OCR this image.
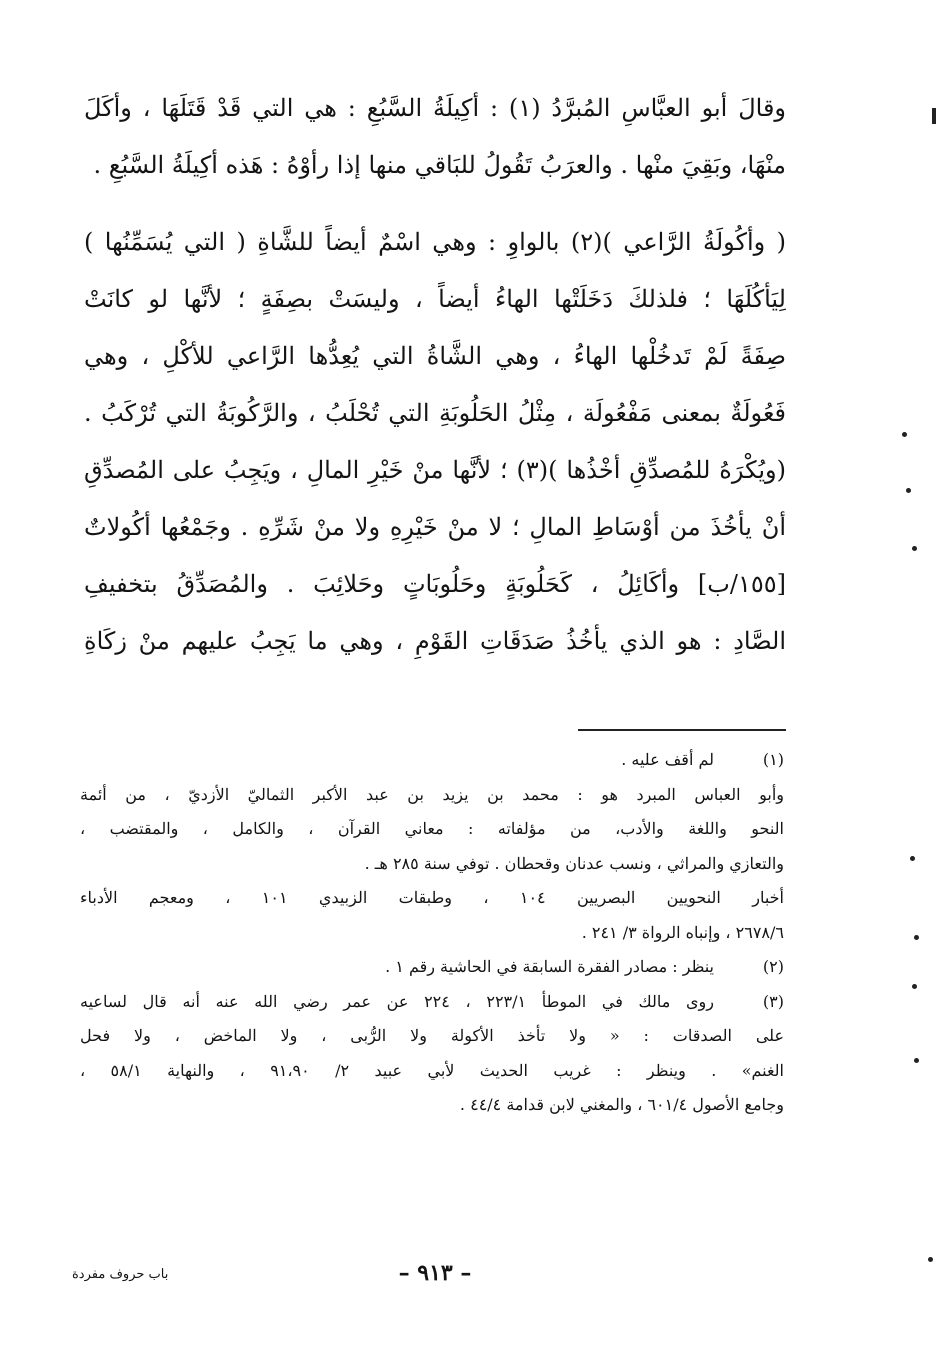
وقالَ أبو العبَّاسِ المُبرَّدُ (١) : أكِيلَةُ السَّبُعِ : هي التي قَدْ قَتَلَهَا ، وأكَلَ
منْهَا، وبَقِيَ منْها . والعرَبُ تَقُولُ للبَاقي منها إذا رأوْهُ : هَذه أكِيلَةُ السَّبُعِ .
( وأكُولَةُ الرَّاعي )(٢) بالواوِ : وهي اسْمٌ أيضاً للشَّاةِ ( التي يُسَمِّنُها )
لِيَأكُلَهَا ؛ فلذلكَ دَخَلَتْها الهاءُ أيضاً ، وليسَتْ بصِفَةٍ ؛ لأنَّها لو كانَتْ
صِفَةً لَمْ تَدخُلْها الهاءُ ، وهي الشَّاةُ التي يُعِدُّها الرَّاعي للأكْلِ ، وهي
فَعُولَةٌ بمعنى مَفْعُولَة ، مِثْلُ الحَلُوبَةِ التي تُحْلَبُ ، والرَّكُوبَةُ التي تُرْكَبُ .
(ويُكْرَهُ للمُصدِّقِ أخْذُها )(٣) ؛ لأنَّها منْ خَيْرِ المالِ ، ويَجِبُ على المُصدِّقِ
أنْ يأخُذَ من أوْسَاطِ المالِ ؛ لا منْ خَيْرِهِ ولا منْ شَرِّهِ . وجَمْعُها أكُولاتٌ
[١٥٥/ب] وأكَائِلُ ، كَحَلُوبَةٍ وحَلُوبَاتٍ وحَلائِبَ . والمُصَدِّقُ بتخفيفِ
الصَّادِ : هو الذي يأخُذُ صَدَقَاتِ القَوْمِ ، وهي ما يَجِبُ عليهم منْ زكَاةِ
(١)
لم أقف عليه .
وأبو العباس المبرد هو : محمد بن يزيد بن عبد الأكبر الثماليّ الأزديّ ، من أئمة
النحو واللغة والأدب، من مؤلفاته : معاني القرآن ، والكامل ، والمقتضب ،
والتعازي والمراثي ، ونسب عدنان وقحطان . توفي سنة ٢٨٥ هـ .
أخبار النحويين البصريين ١٠٤ ، وطبقات الزبيدي ١٠١ ، ومعجم الأدباء
٢٦٧٨/٦ ، وإنباه الرواة ٣/ ٢٤١ .
(٢)
ينظر : مصادر الفقرة السابقة في الحاشية رقم ١ .
(٣)
روى مالك في الموطأ ٢٢٣/١ ، ٢٢٤ عن عمر رضي الله عنه أنه قال لساعيه
على الصدقات : « ولا تأخذ الأكولة ولا الرُّبى ، ولا الماخض ، ولا فحل
الغنم» . وينظر : غريب الحديث لأبي عبيد ٢/ ٩١،٩٠ ، والنهاية ٥٨/١ ،
وجامع الأصول ٦٠١/٤ ، والمغني لابن قدامة ٤٤/٤ .
– ٩١٣ –
باب حروف مفردة
